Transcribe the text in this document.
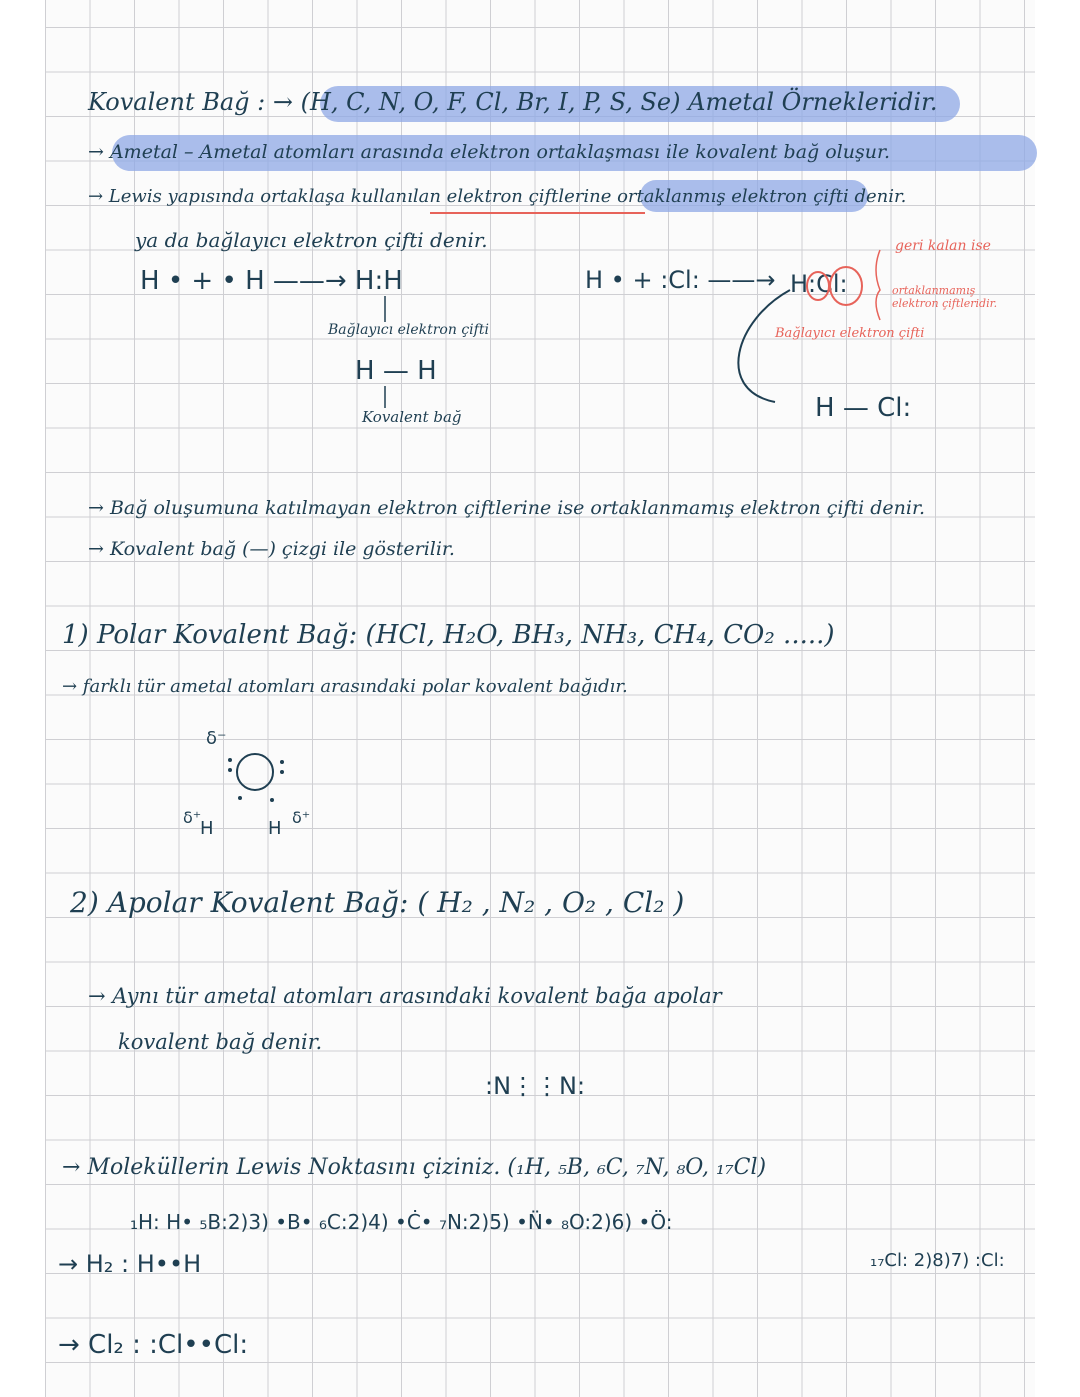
Kovalent Bağ : → (H, C, N, O, F, Cl, Br, I, P, S, Se) Ametal Örnekleridir.
→ Ametal – Ametal atomları arasında elektron ortaklaşması ile kovalent bağ oluşur.
→ Lewis yapısında ortaklaşa kullanılan elektron çiftlerine ortaklanmış elektron çifti denir.
ya da bağlayıcı elektron çifti denir.
H • + • H ——→ H:H
Bağlayıcı elektron çifti
H — H
Kovalent bağ
H • + :Cl: ——→ H:Cl:
geri kalan ise
ortaklanmamış elektron çiftleridir.
Bağlayıcı elektron çifti
H — Cl:
→ Bağ oluşumuna katılmayan elektron çiftlerine ise ortaklanmamış elektron çifti denir.
→ Kovalent bağ (—) çizgi ile gösterilir.
1) Polar Kovalent Bağ: (HCl, H₂O, BH₃, NH₃, CH₄, CO₂ .....)
→ farklı tür ametal atomları arasındaki polar kovalent bağıdır.
δ⁻
δ⁺
H	H
δ⁺
2) Apolar Kovalent Bağ: ( H₂ , N₂ , O₂ , Cl₂ )
→ Aynı tür ametal atomları arasındaki kovalent bağa apolar
kovalent bağ denir.
:N⋮⋮N:
→ Moleküllerin Lewis Noktasını çiziniz. (₁H, ₅B, ₆C, ₇N, ₈O, ₁₇Cl)
₁H: H• ₅B:2)3) •B• ₆C:2)4) •Ċ• ₇N:2)5) •N̈• ₈O:2)6) •Ö:
₁₇Cl: 2)8)7) :Cl:
→ H₂ : H••H
→ Cl₂ : :Cl••Cl:
